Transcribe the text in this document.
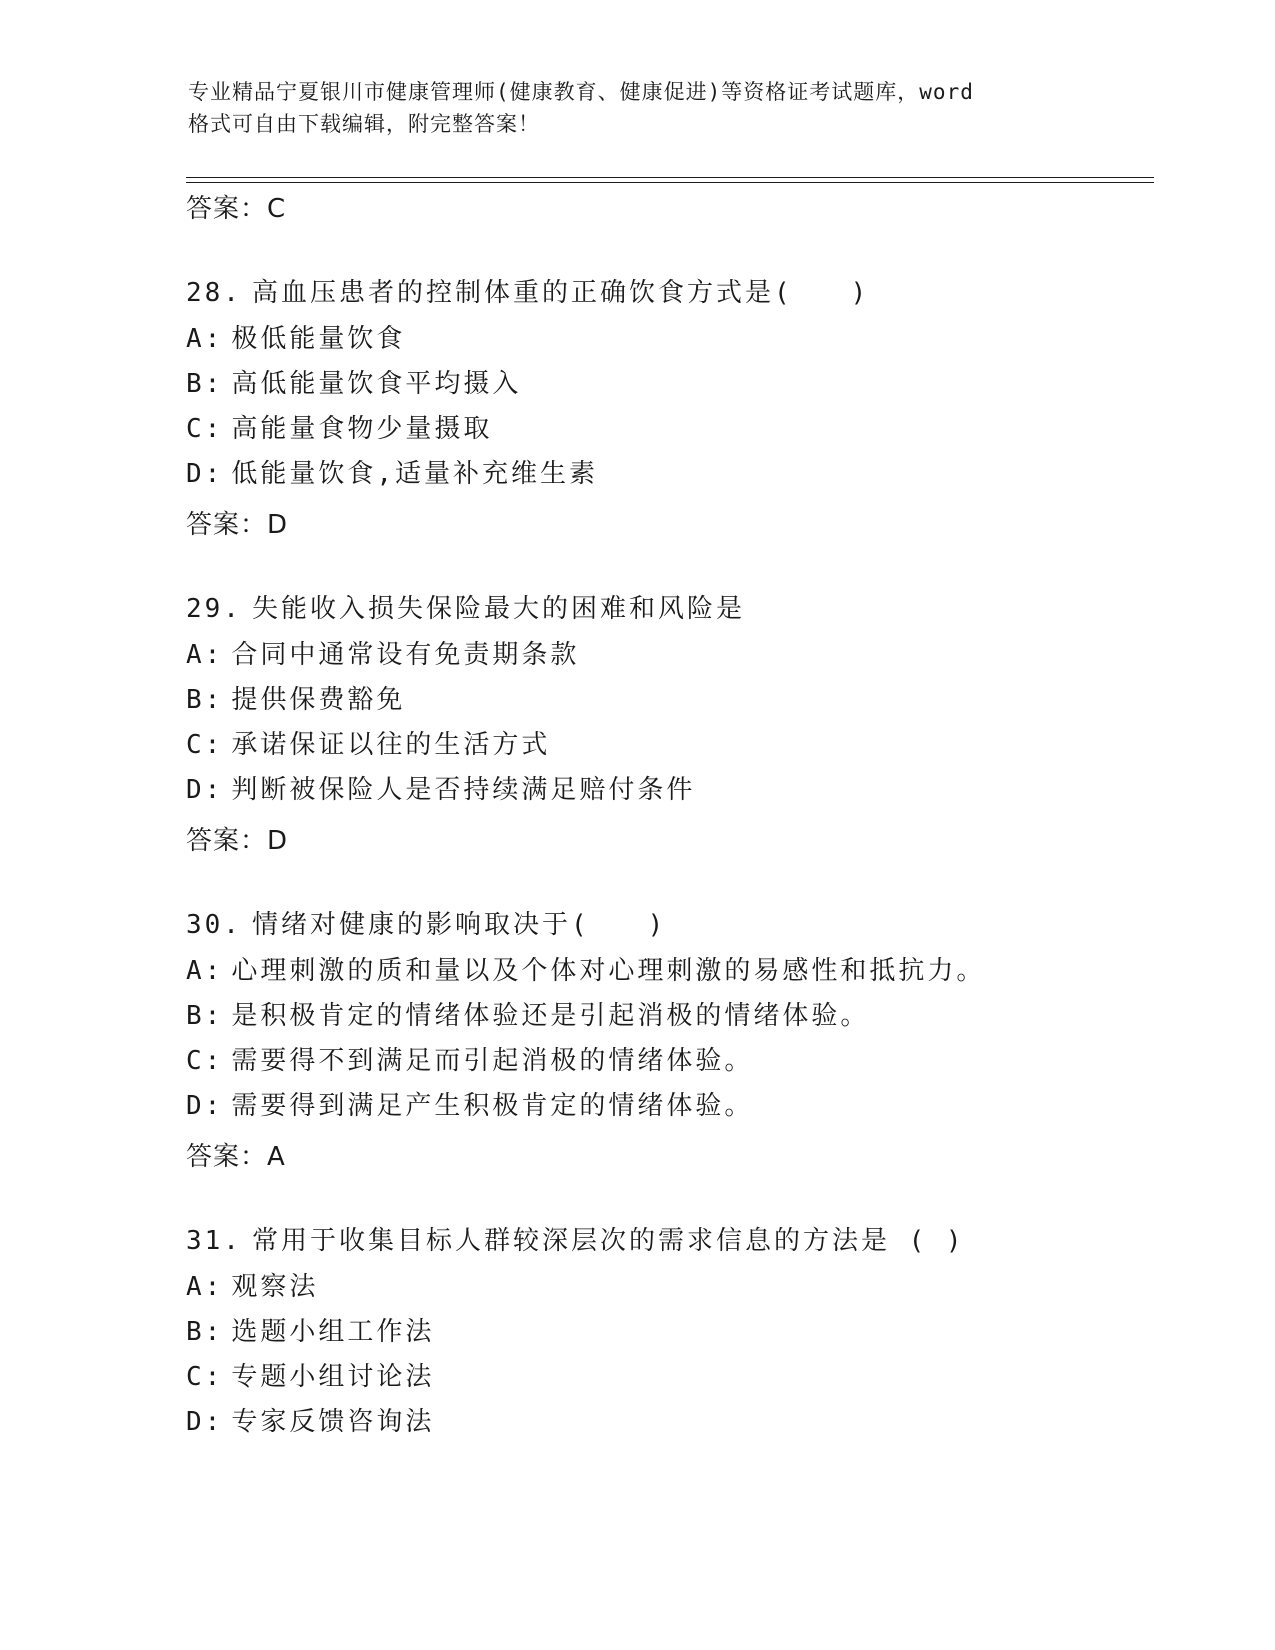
专业精品宁夏银川市健康管理师(健康教育、健康促进)等资格证考试题库，word

格式可自由下载编辑，附完整答案！

答案：C

28. 高血压患者的控制体重的正确饮食方式是(　　)

A: 极低能量饮食

B: 高低能量饮食平均摄入

C: 高能量食物少量摄取

D: 低能量饮食,适量补充维生素

答案：D

29. 失能收入损失保险最大的困难和风险是

A: 合同中通常设有免责期条款

B: 提供保费豁免

C: 承诺保证以往的生活方式

D: 判断被保险人是否持续满足赔付条件

答案：D

30. 情绪对健康的影响取决于(　　)

A: 心理刺激的质和量以及个体对心理刺激的易感性和抵抗力。

B: 是积极肯定的情绪体验还是引起消极的情绪体验。

C: 需要得不到满足而引起消极的情绪体验。

D: 需要得到满足产生积极肯定的情绪体验。

答案：A

31. 常用于收集目标人群较深层次的需求信息的方法是 ( )

A: 观察法

B: 选题小组工作法

C: 专题小组讨论法

D: 专家反馈咨询法
